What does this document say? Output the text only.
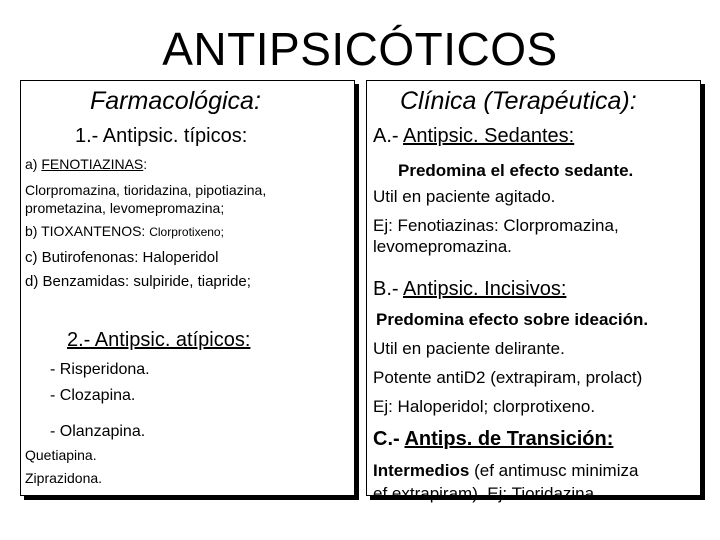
ANTIPSICÓTICOS
Farmacológica:
1.- Antipsic. típicos:
a) FENOTIAZINAS:
Clorpromazina, tioridazina, pipotiazina,
prometazina, levomepromazina;
b) TIOXANTENOS: Clorprotixeno;
c) Butirofenonas: Haloperidol
d) Benzamidas: sulpiride, tiapride;
2.- Antipsic. atípicos:
- Risperidona.
- Clozapina.
- Olanzapina.
Quetiapina.
Ziprazidona.
Clínica (Terapéutica):
A.- Antipsic. Sedantes:
Predomina el efecto sedante.
Util en paciente agitado.
Ej: Fenotiazinas: Clorpromazina,
levomepromazina.
B.- Antipsic. Incisivos:
Predomina efecto sobre ideación.
Util en paciente delirante.
Potente antiD2 (extrapiram, prolact)
Ej: Haloperidol; clorprotixeno.
C.- Antips. de Transición:
Intermedios (ef antimusc minimiza
ef extrapiram). Ej: Tioridazina
